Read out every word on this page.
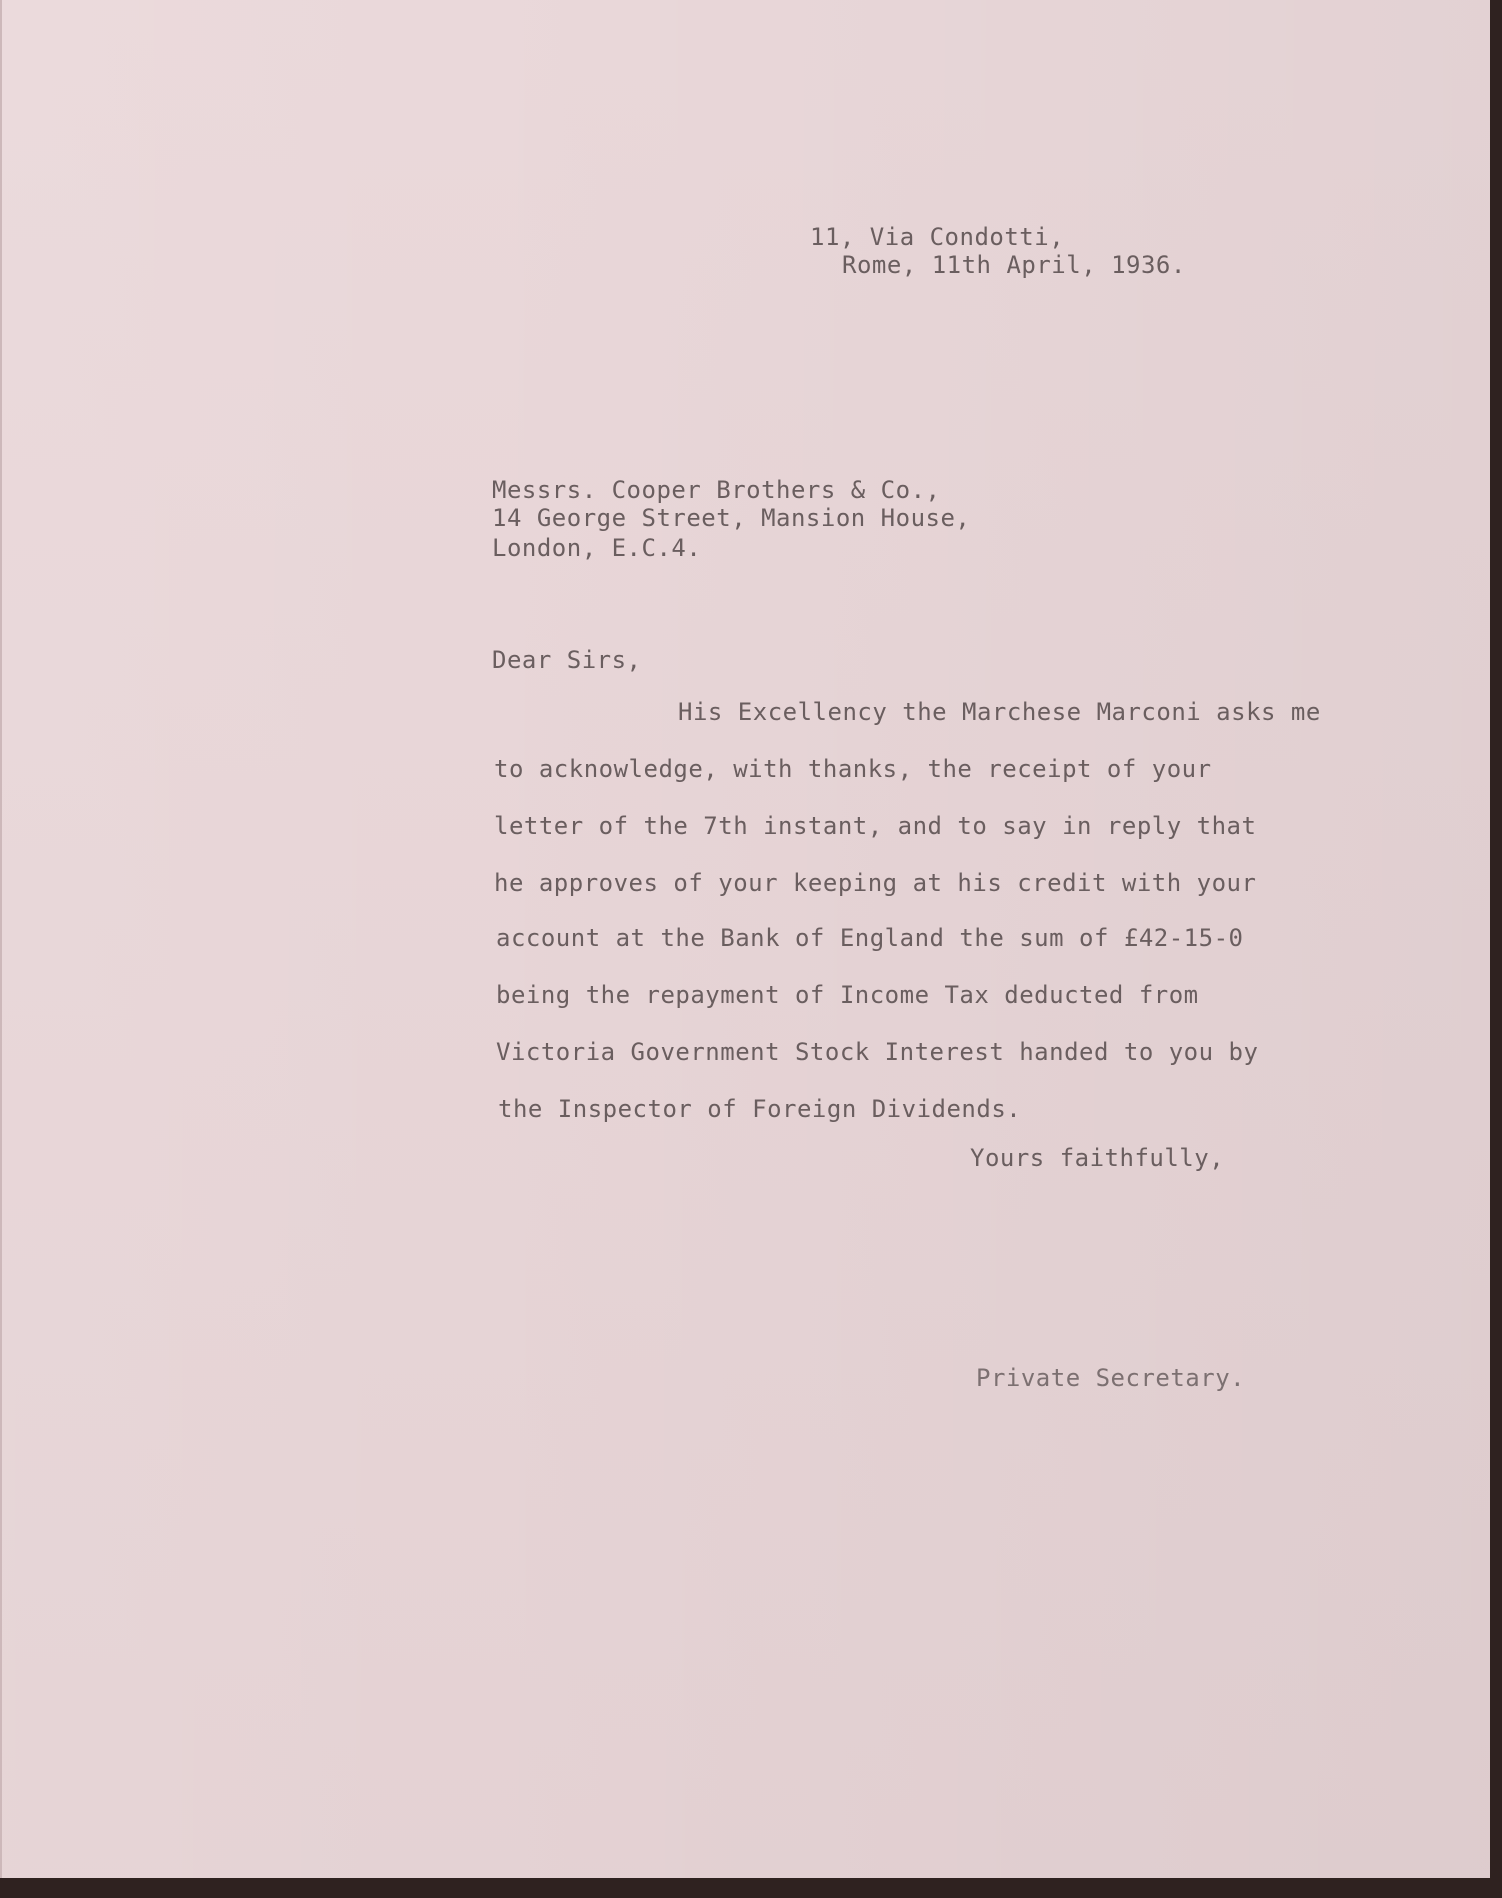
11, Via Condotti,
Rome, 11th April, 1936.
Messrs. Cooper Brothers & Co.,
14 George Street, Mansion House,
London, E.C.4.
Dear Sirs,
His Excellency the Marchese Marconi asks me
to acknowledge, with thanks, the receipt of your
letter of the 7th instant, and to say in reply that
he approves of your keeping at his credit with your
account at the Bank of England the sum of £42-15-0
being the repayment of Income Tax deducted from
Victoria Government Stock Interest handed to you by
the Inspector of Foreign Dividends.
Yours faithfully,
Private Secretary.
